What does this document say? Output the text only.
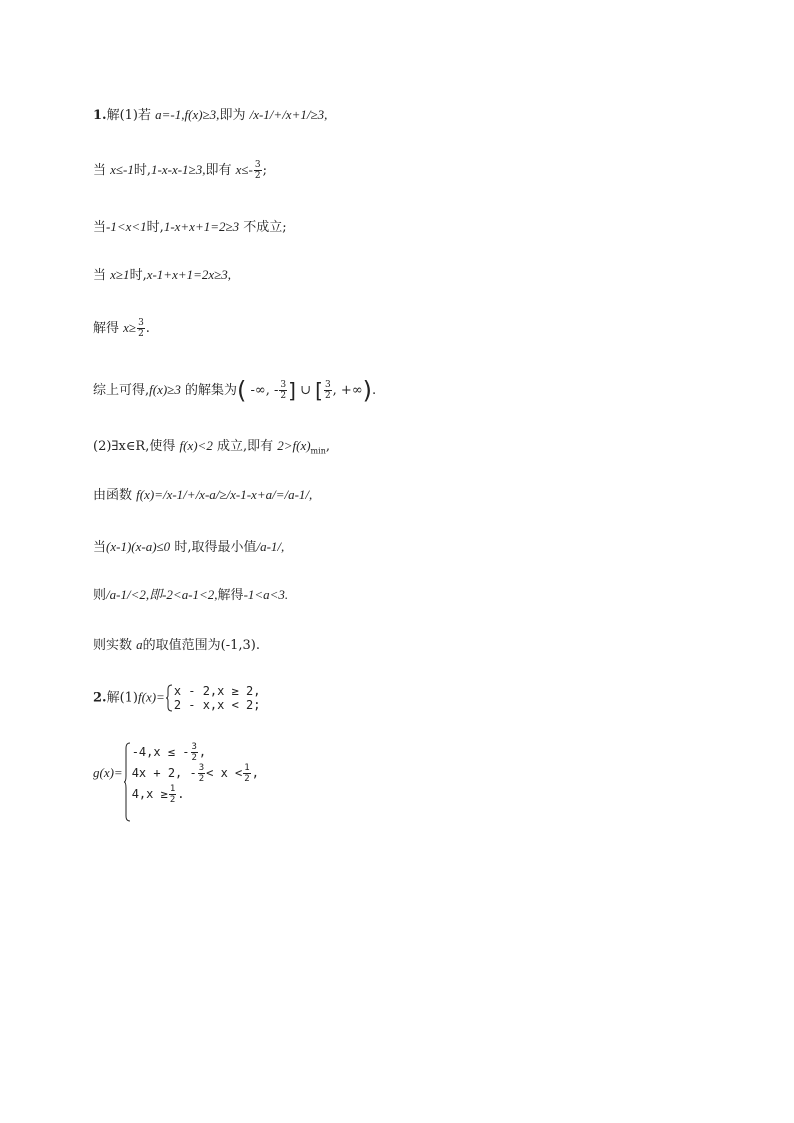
1.解(1)若 a=-1,f(x)≥3,即为 /x-1/+/x+1/≥3,
当 x≤-1时,1-x-x-1≥3,即有 $x\le- \frac{3}{2}$ ;
当-1<x<1时,1-x+x+1=2≥3 不成立;
当 x≥1时,x-1+x+1=2x≥3,
解得 $x\ge \frac{3}{2}$ .
综上可得,f(x)≥3 的解集为( -∞, - $\frac{3}{2}$ ] ∪ [ $\frac{3}{2}$ , +∞).
(2)∃x∈R,使得 f(x)<2 成立,即有 $2>f(x)_{min}$,
由函数 f(x)=/x-1/+/x-a/≥/x-1-x+a/=/a-1/,
当(x-1)(x-a)≤0 时,取得最小值/a-1/,
则/a-1/<2,即-2<a-1<2,解得-1<a<3.
则实数 a的取值范围为(-1,3).
2.解(1)f(x)= x - 2,x ≥ 2,
2 - x,x < 2;
g(x)=
-4,x ≤ - $\frac{3}{2}$ ,
4x + 2, - $\frac{3}{2} < x < \frac{1}{2}$ ,
$4,x \ge \frac{1}{2}$ .
